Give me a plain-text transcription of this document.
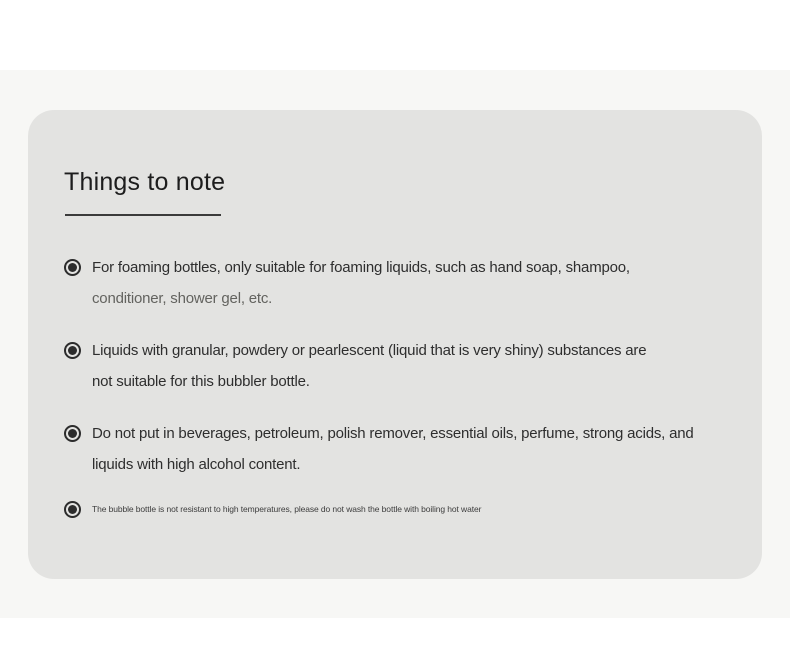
Things to note
For foaming bottles, only suitable for foaming liquids, such as hand soap, shampoo,
conditioner, shower gel, etc.
Liquids with granular, powdery or pearlescent (liquid that is very shiny) substances are
not suitable for this bubbler bottle.
Do not put in beverages, petroleum, polish remover, essential oils, perfume, strong acids, and
liquids with high alcohol content.
The bubble bottle is not resistant to high temperatures, please do not wash the bottle with boiling hot water
